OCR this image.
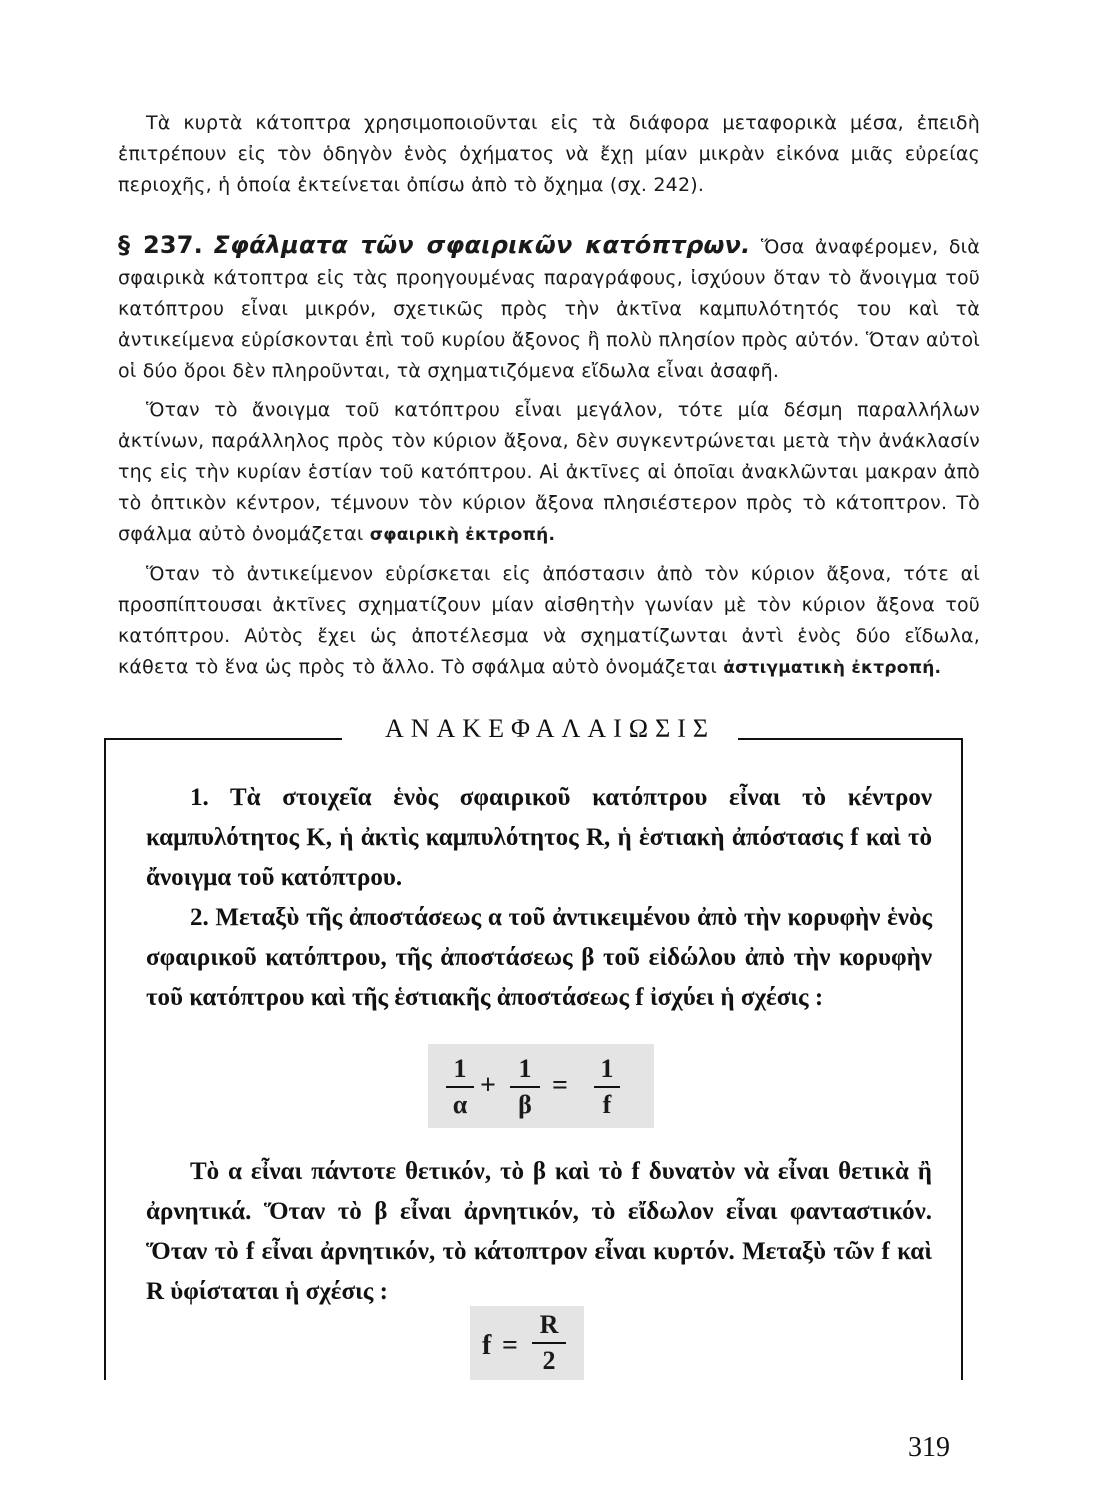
Τὰ κυρτὰ κάτοπτρα χρησιμοποιοῦνται εἰς τὰ διάφορα μεταφορικὰ μέσα, ἐπειδὴ ἐπιτρέπουν εἰς τὸν ὁδηγὸν ἑνὸς ὀχήματος νὰ ἔχῃ μίαν μικρὰν εἰκόνα μιᾶς εὐρείας περιοχῆς, ἡ ὁποία ἐκτείνεται ὀπίσω ἀπὸ τὸ ὄχημα (σχ. 242).

§ 237. Σφάλματα τῶν σφαιρικῶν κατόπτρων. Ὅσα ἀναφέρομεν, διὰ σφαιρικὰ κάτοπτρα εἰς τὰς προηγουμένας παραγράφους, ἰσχύουν ὅταν τὸ ἄνοιγμα τοῦ κατόπτρου εἶναι μικρόν, σχετικῶς πρὸς τὴν ἀκτῖνα καμπυλότητός του καὶ τὰ ἀντικείμενα εὑρίσκονται ἐπὶ τοῦ κυρίου ἄξονος ἢ πολὺ πλησίον πρὸς αὐτόν. Ὅταν αὐτοὶ οἱ δύο ὅροι δὲν πληροῦνται, τὰ σχηματιζόμενα εἴδωλα εἶναι ἀσαφῆ.

Ὅταν τὸ ἄνοιγμα τοῦ κατόπτρου εἶναι μεγάλον, τότε μία δέσμη παραλλήλων ἀκτίνων, παράλληλος πρὸς τὸν κύριον ἄξονα, δὲν συγκεντρώνεται μετὰ τὴν ἀνάκλασίν της εἰς τὴν κυρίαν ἑστίαν τοῦ κατόπτρου. Αἱ ἀκτῖνες αἱ ὁποῖαι ἀνακλῶνται μακραν ἀπὸ τὸ ὀπτικὸν κέντρον, τέμνουν τὸν κύριον ἄξονα πλησιέστερον πρὸς τὸ κάτοπτρον. Τὸ σφάλμα αὐτὸ ὀνομάζεται σφαιρικὴ ἐκτροπή.

Ὅταν τὸ ἀντικείμενον εὑρίσκεται εἰς ἀπόστασιν ἀπὸ τὸν κύριον ἄξονα, τότε αἱ προσπίπτουσαι ἀκτῖνες σχηματίζουν μίαν αἰσθητὴν γωνίαν μὲ τὸν κύριον ἄξονα τοῦ κατόπτρου. Αὐτὸς ἔχει ὡς ἀποτέλεσμα νὰ σχηματίζωνται ἀντὶ ἑνὸς δύο εἴδωλα, κάθετα τὸ ἕνα ὡς πρὸς τὸ ἄλλο. Τὸ σφάλμα αὐτὸ ὀνομάζεται ἀστιγματικὴ ἐκτροπή.

ΑΝΑΚΕΦΑΛΑΙΩΣΙΣ

1. Τὰ στοιχεῖα ἑνὸς σφαιρικοῦ κατόπτρου εἶναι τὸ κέντρον καμπυλότητος Κ, ἡ ἀκτὶς καμπυλότητος R, ἡ ἑστιακὴ ἀπόστασις f καὶ τὸ ἄνοιγμα τοῦ κατόπτρου.

2. Μεταξὺ τῆς ἀποστάσεως α τοῦ ἀντικειμένου ἀπὸ τὴν κορυφὴν ἑνὸς σφαιρικοῦ κατόπτρου, τῆς ἀποστάσεως β τοῦ εἰδώλου ἀπὸ τὴν κορυφὴν τοῦ κατόπτρου καὶ τῆς ἑστιακῆς ἀποστάσεως f ἰσχύει ἡ σχέσις :

1
α
+
1
β
=
1
f

Τὸ α εἶναι πάντοτε θετικόν, τὸ β καὶ τὸ f δυνατὸν νὰ εἶναι θετικὰ ἢ ἀρνητικά. Ὅταν τὸ β εἶναι ἀρνητικόν, τὸ εἴδωλον εἶναι φανταστικόν. Ὅταν τὸ f εἶναι ἀρνητικόν, τὸ κάτοπτρον εἶναι κυρτόν. Μεταξὺ τῶν f καὶ R ὑφίσταται ἡ σχέσις :

f =
R
2
319
